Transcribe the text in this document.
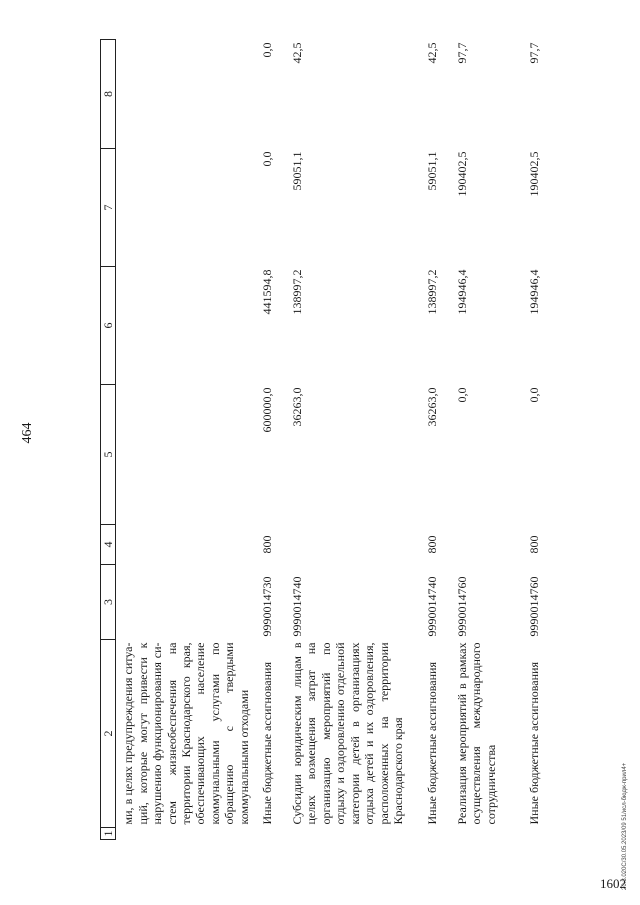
464
1602
20.3.020C/30.05.2023/09 51/исл-бюдж-прил4+
1	2	3	4	5	6	7	8
	ми, в целях предупреждения ситуаций, которые могут привести к нарушению функционирования систем жизнеобеспечения на территории Краснодарского края, обеспечивающих население коммунальными услугами по обращению с твердыми коммунальными отходами						
	Иные бюджетные ассигнования	9990014730	800	600000,0	441594,8	0,0	0,0
	Субсидии юридическим лицам в целях возмещения затрат на организацию мероприятий по отдыху и оздоровлению отдельной категории детей в организациях отдыха детей и их оздоровления, расположенных на территории Краснодарского края	9990014740		36263,0	138997,2	59051,1	42,5
	Иные бюджетные ассигнования	9990014740	800	36263,0	138997,2	59051,1	42,5
	Реализация мероприятий в рамках осуществления международного сотрудничества	9990014760		0,0	194946,4	190402,5	97,7
	Иные бюджетные ассигнования	9990014760	800	0,0	194946,4	190402,5	97,7
